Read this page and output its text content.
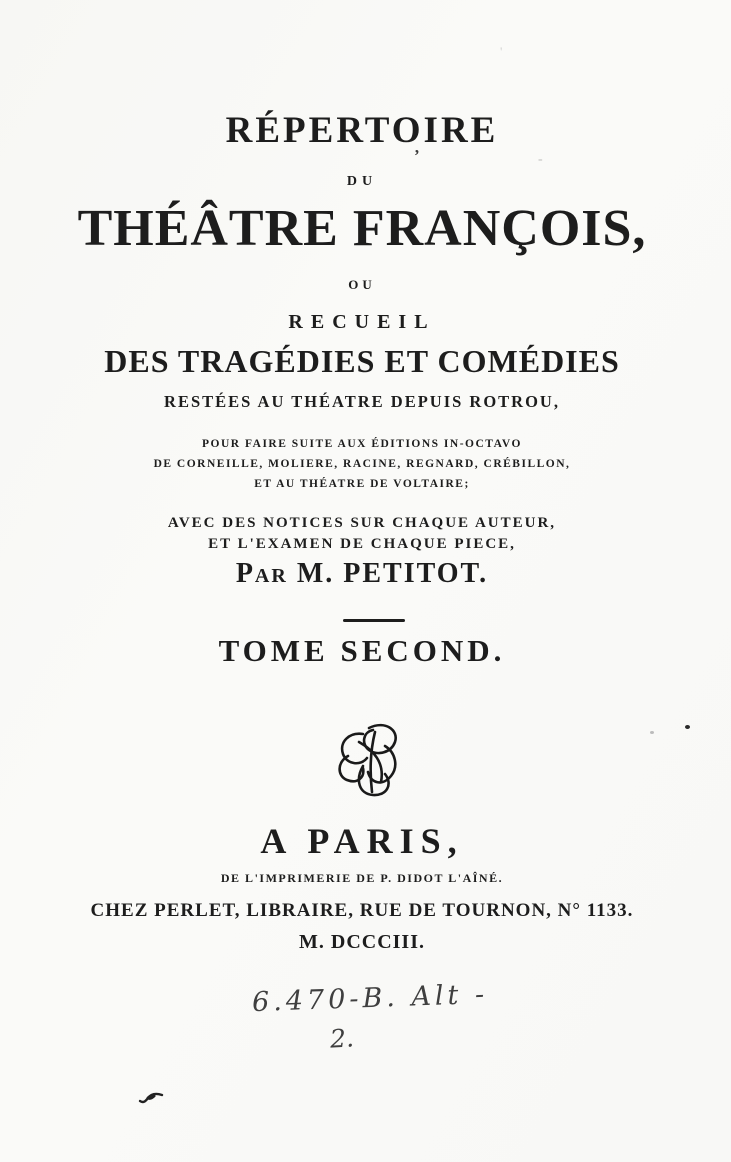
'
’	-
RÉPERTOIRE
DU
THÉÂTRE FRANÇOIS,
OU
RECUEIL
DES TRAGÉDIES ET COMÉDIES
RESTÉES AU THÉATRE DEPUIS ROTROU,
POUR FAIRE SUITE AUX ÉDITIONS IN-OCTAVO
DE CORNEILLE, MOLIERE, RACINE, REGNARD, CRÉBILLON,
ET AU THÉATRE DE VOLTAIRE;
AVEC DES NOTICES SUR CHAQUE AUTEUR,
ET L'EXAMEN DE CHAQUE PIECE,
Par M. PETITOT.
TOME SECOND.
A PARIS,
DE L'IMPRIMERIE DE P. DIDOT L'AÎNÉ.
CHEZ PERLET, LIBRAIRE, RUE DE TOURNON, N° 1133.
M. DCCCIII.
6.470-B. Alt -
2.
